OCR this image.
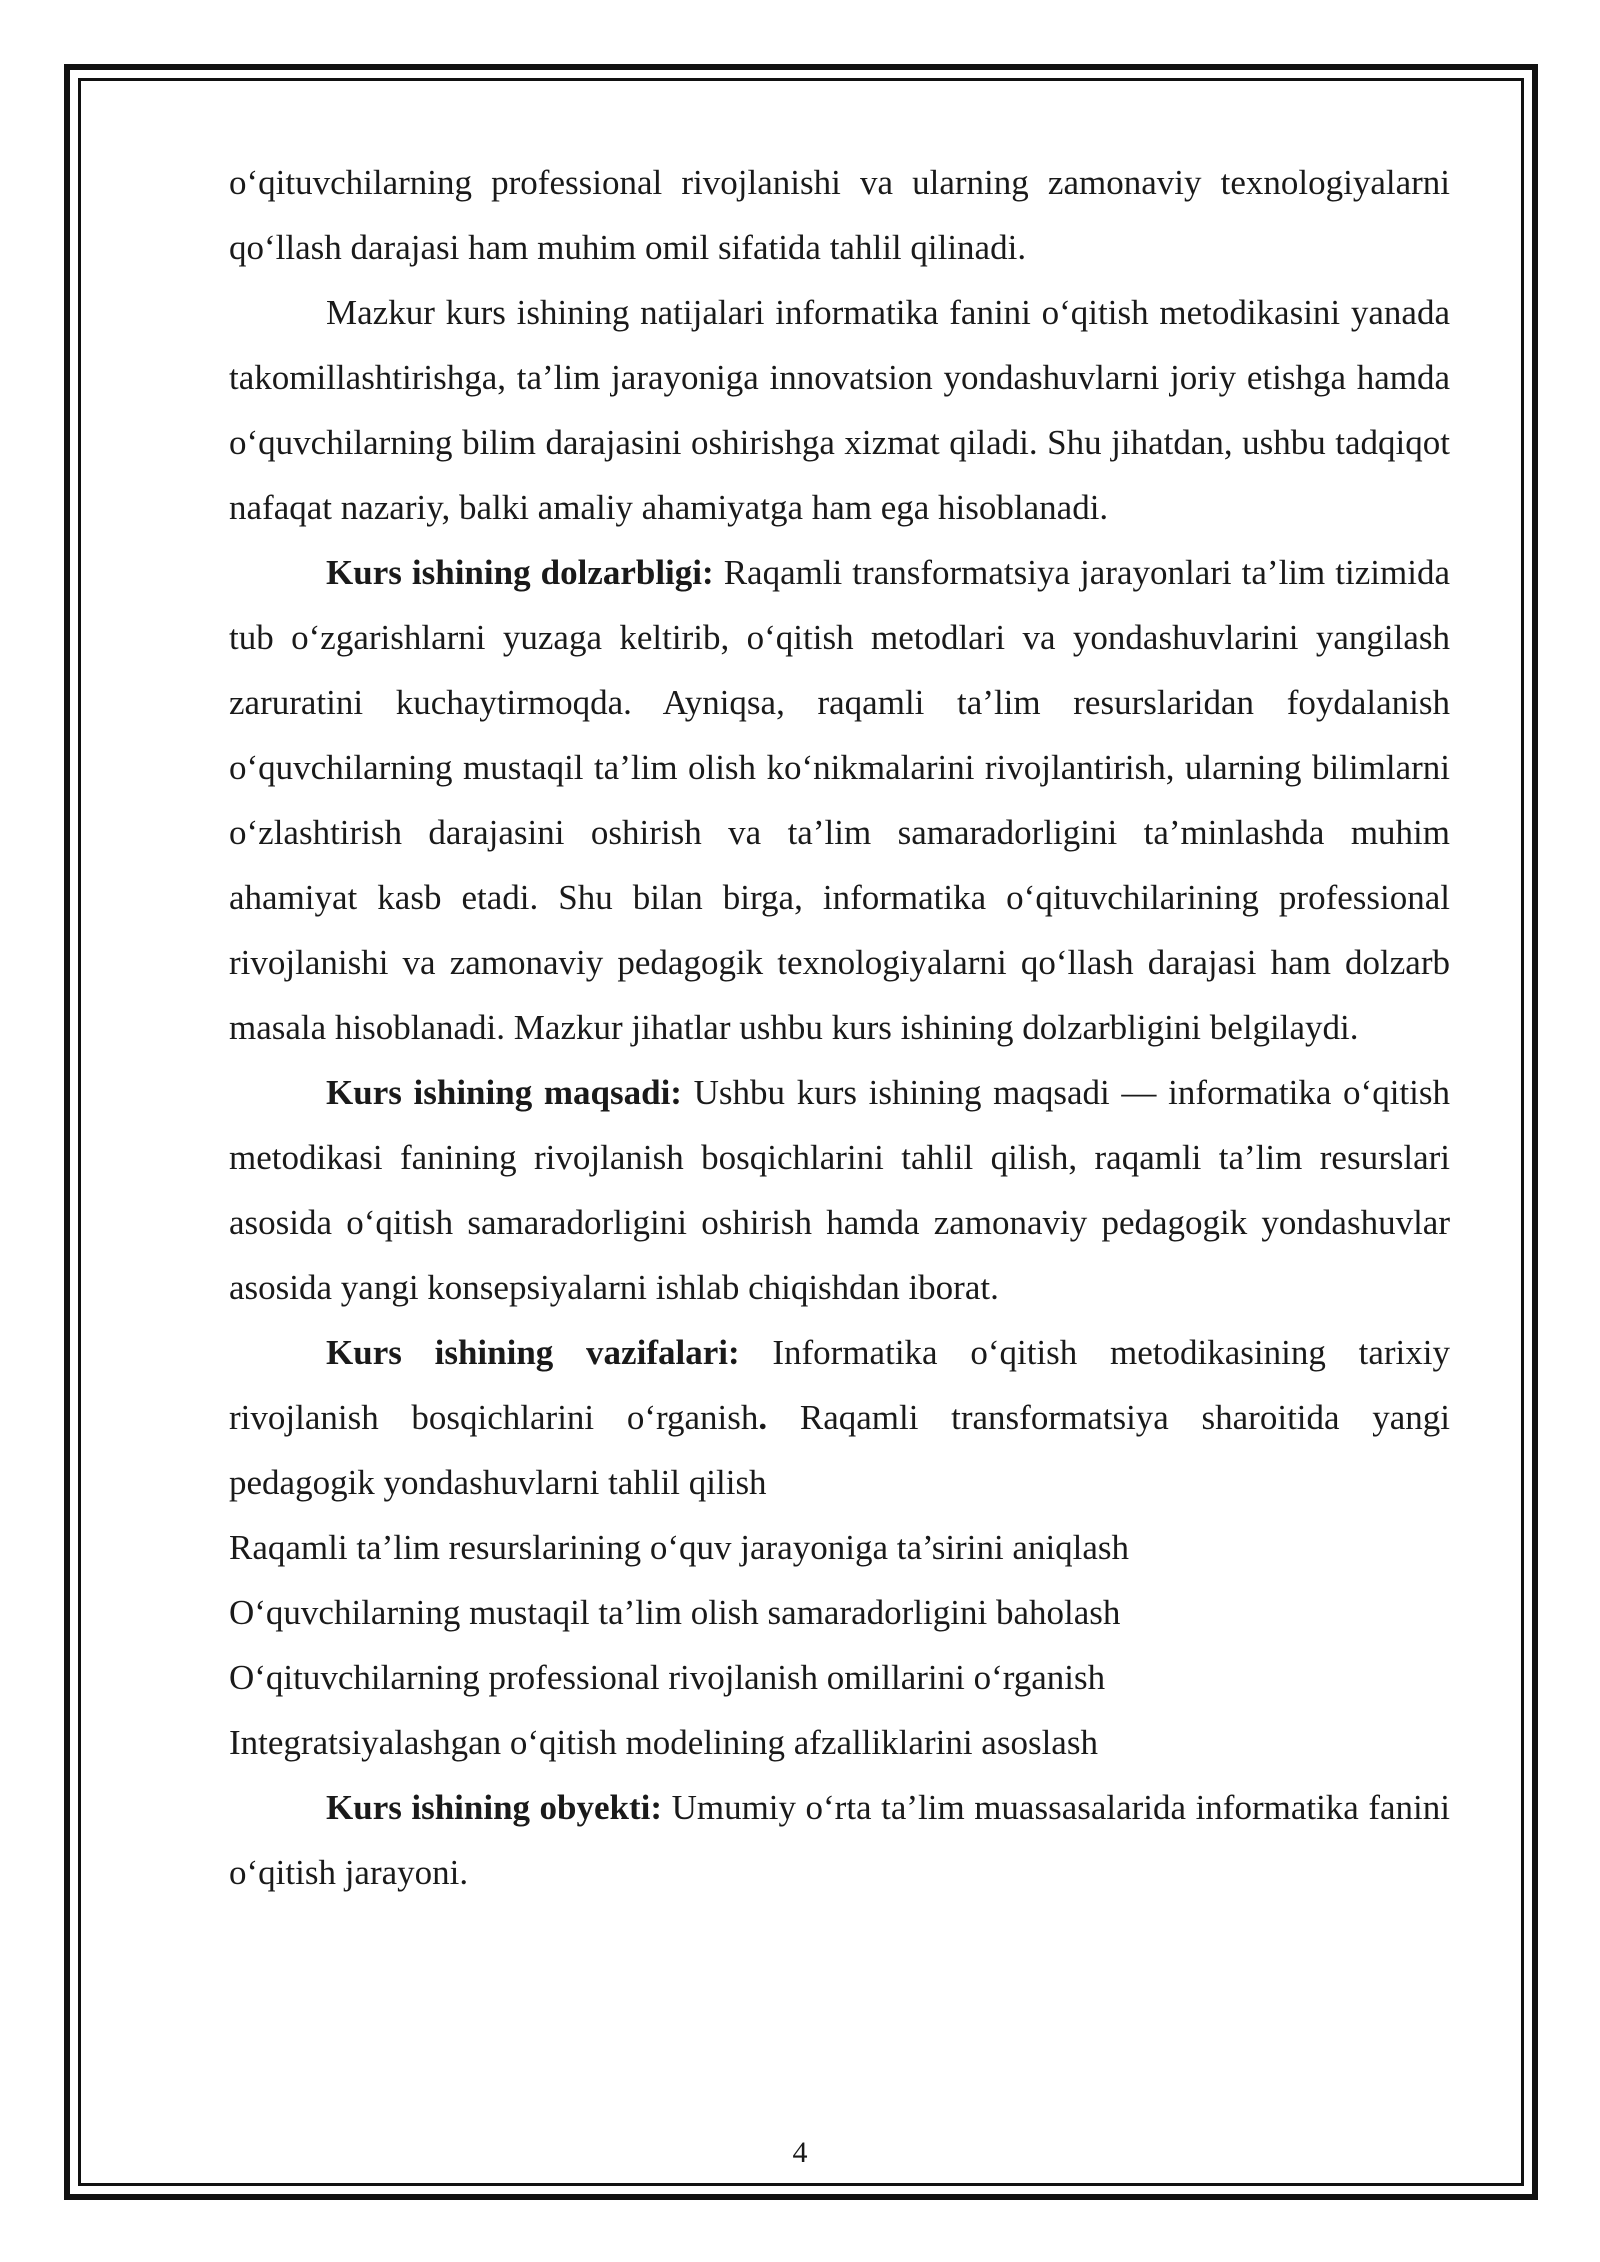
o‘qituvchilarning professional rivojlanishi va ularning zamonaviy texnologiyalarni qo‘llash darajasi ham muhim omil sifatida tahlil qilinadi.

Mazkur kurs ishining natijalari informatika fanini o‘qitish metodikasini yanada takomillashtirishga, ta’lim jarayoniga innovatsion yondashuvlarni joriy etishga hamda o‘quvchilarning bilim darajasini oshirishga xizmat qiladi. Shu jihatdan, ushbu tadqiqot nafaqat nazariy, balki amaliy ahamiyatga ham ega hisoblanadi.

Kurs ishining dolzarbligi: Raqamli transformatsiya jarayonlari ta’lim tizimida tub o‘zgarishlarni yuzaga keltirib, o‘qitish metodlari va yondashuvlarini yangilash zaruratini kuchaytirmoqda. Ayniqsa, raqamli ta’lim resurslaridan foydalanish o‘quvchilarning mustaqil ta’lim olish ko‘nikmalarini rivojlantirish, ularning bilimlarni o‘zlashtirish darajasini oshirish va ta’lim samaradorligini ta’minlashda muhim ahamiyat kasb etadi. Shu bilan birga, informatika o‘qituvchilarining professional rivojlanishi va zamonaviy pedagogik texnologiyalarni qo‘llash darajasi ham dolzarb masala hisoblanadi. Mazkur jihatlar ushbu kurs ishining dolzarbligini belgilaydi.

Kurs ishining maqsadi: Ushbu kurs ishining maqsadi — informatika o‘qitish metodikasi fanining rivojlanish bosqichlarini tahlil qilish, raqamli ta’lim resurslari asosida o‘qitish samaradorligini oshirish hamda zamonaviy pedagogik yondashuvlar asosida yangi konsepsiyalarni ishlab chiqishdan iborat.

Kurs ishining vazifalari: Informatika o‘qitish metodikasining tarixiy rivojlanish bosqichlarini o‘rganish. Raqamli transformatsiya sharoitida yangi pedagogik yondashuvlarni tahlil qilish

Raqamli ta’lim resurslarining o‘quv jarayoniga ta’sirini aniqlash

O‘quvchilarning mustaqil ta’lim olish samaradorligini baholash

O‘qituvchilarning professional rivojlanish omillarini o‘rganish

Integratsiyalashgan o‘qitish modelining afzalliklarini asoslash

Kurs ishining obyekti: Umumiy o‘rta ta’lim muassasalarida informatika fanini o‘qitish jarayoni.

4
